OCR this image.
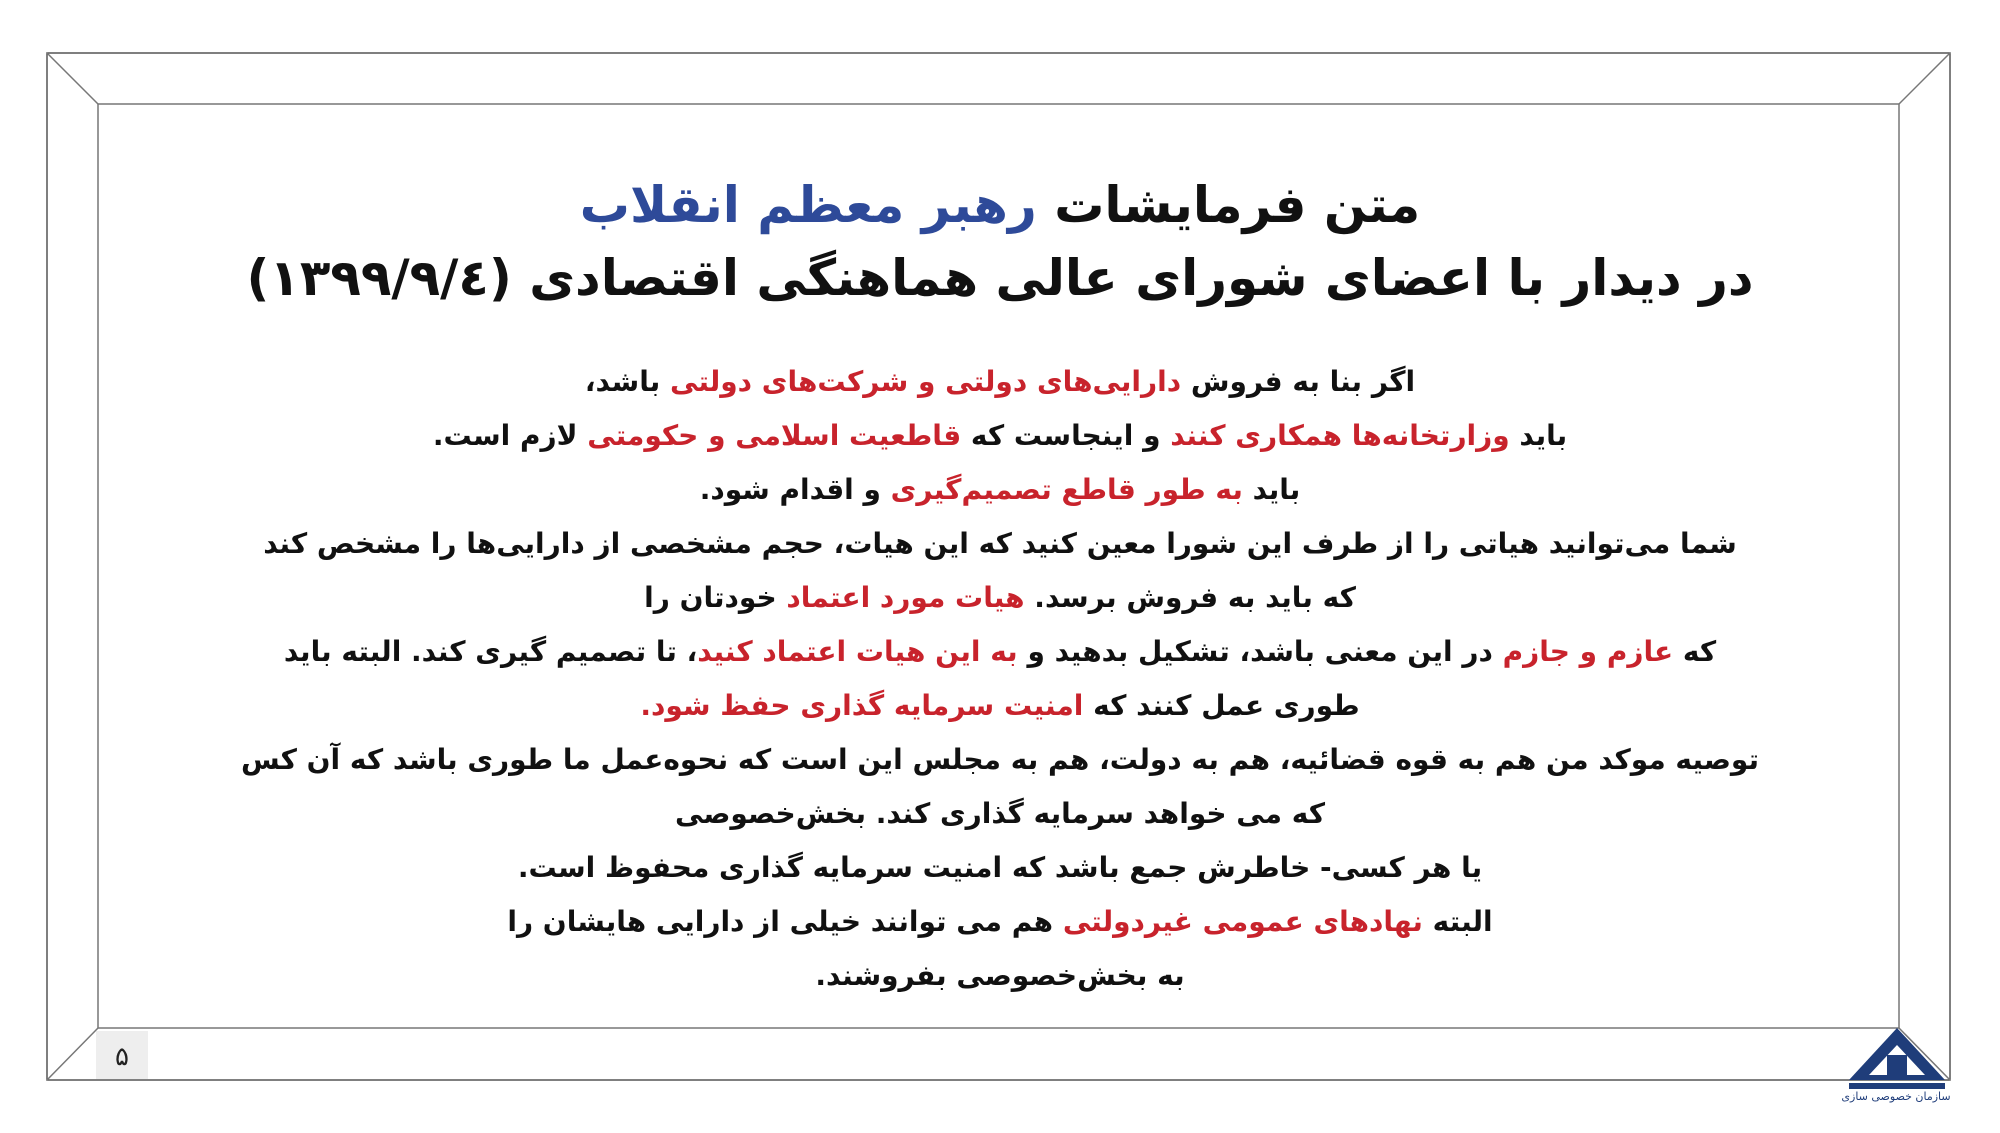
متن فرمایشات رهبر معظم انقلاب
در دیدار با اعضای شورای عالی هماهنگی اقتصادی (۱۳۹۹/۹/٤)
اگر بنا به فروش دارایی‌های دولتی و شرکت‌های دولتی باشد،
باید وزارتخانه‌ها همکاری کنند و اینجاست که قاطعیت اسلامی و حکومتی لازم است.
باید به طور قاطع تصمیم‌گیری و اقدام شود.
شما می‌توانید هیاتی را از طرف این شورا معین کنید که این هیات، حجم مشخصی از دارایی‌ها را مشخص کند
که باید به فروش برسد. هیات مورد اعتماد خودتان را
که عازم و جازم در این معنی باشد، تشکیل بدهید و به این هیات اعتماد کنید، تا تصمیم گیری کند. البته باید
طوری عمل کنند که امنیت سرمایه گذاری حفظ شود.
توصیه موکد من هم به قوه قضائیه، هم به دولت، هم به مجلس این است که نحوه‌عمل ما طوری باشد که آن کس
که می خواهد سرمایه گذاری کند. بخش‌خصوصی
یا هر کسی- خاطرش جمع باشد که امنیت سرمایه گذاری محفوظ است.
البته نهادهای عمومی غیردولتی هم می توانند خیلی از دارایی هایشان را
به بخش‌خصوصی بفروشند.
۵
سازمان خصوصی سازی
